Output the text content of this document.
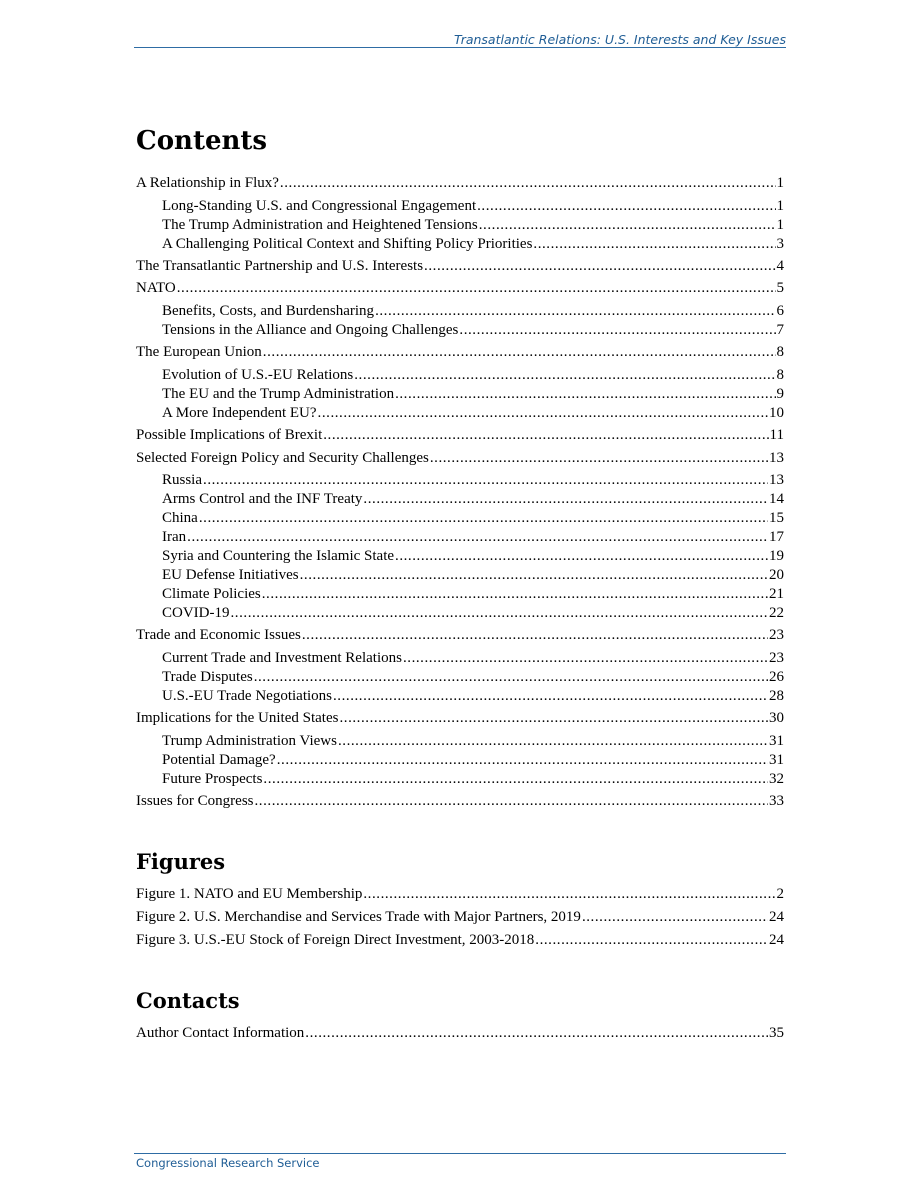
Transatlantic Relations: U.S. Interests and Key Issues
Contents
A Relationship in Flux? . . .	1
Long-Standing U.S. and Congressional Engagement . . .	1
The Trump Administration and Heightened Tensions . . .	1
A Challenging Political Context and Shifting Policy Priorities . . .	3
The Transatlantic Partnership and U.S. Interests . . .	4
NATO . . .	5
Benefits, Costs, and Burdensharing . . .	6
Tensions in the Alliance and Ongoing Challenges . . .	7
The European Union . . .	8
Evolution of U.S.-EU Relations . . .	8
The EU and the Trump Administration . . .	9
A More Independent EU? . . .	10
Possible Implications of Brexit . . .	11
Selected Foreign Policy and Security Challenges . . .	13
Russia . . .	13
Arms Control and the INF Treaty . . .	14
China . . .	15
Iran . . .	17
Syria and Countering the Islamic State . . .	19
EU Defense Initiatives . . .	20
Climate Policies . . .	21
COVID-19 . . .	22
Trade and Economic Issues . . .	23
Current Trade and Investment Relations . . .	23
Trade Disputes . . .	26
U.S.-EU Trade Negotiations . . .	28
Implications for the United States . . .	30
Trump Administration Views . . .	31
Potential Damage? . . .	31
Future Prospects . . .	32
Issues for Congress . . .	33
Figures
Figure 1. NATO and EU Membership . . .	2
Figure 2. U.S. Merchandise and Services Trade with Major Partners, 2019 . . .	24
Figure 3. U.S.-EU Stock of Foreign Direct Investment, 2003-2018 . . .	24
Contacts
Author Contact Information . . .	35
Congressional Research Service
